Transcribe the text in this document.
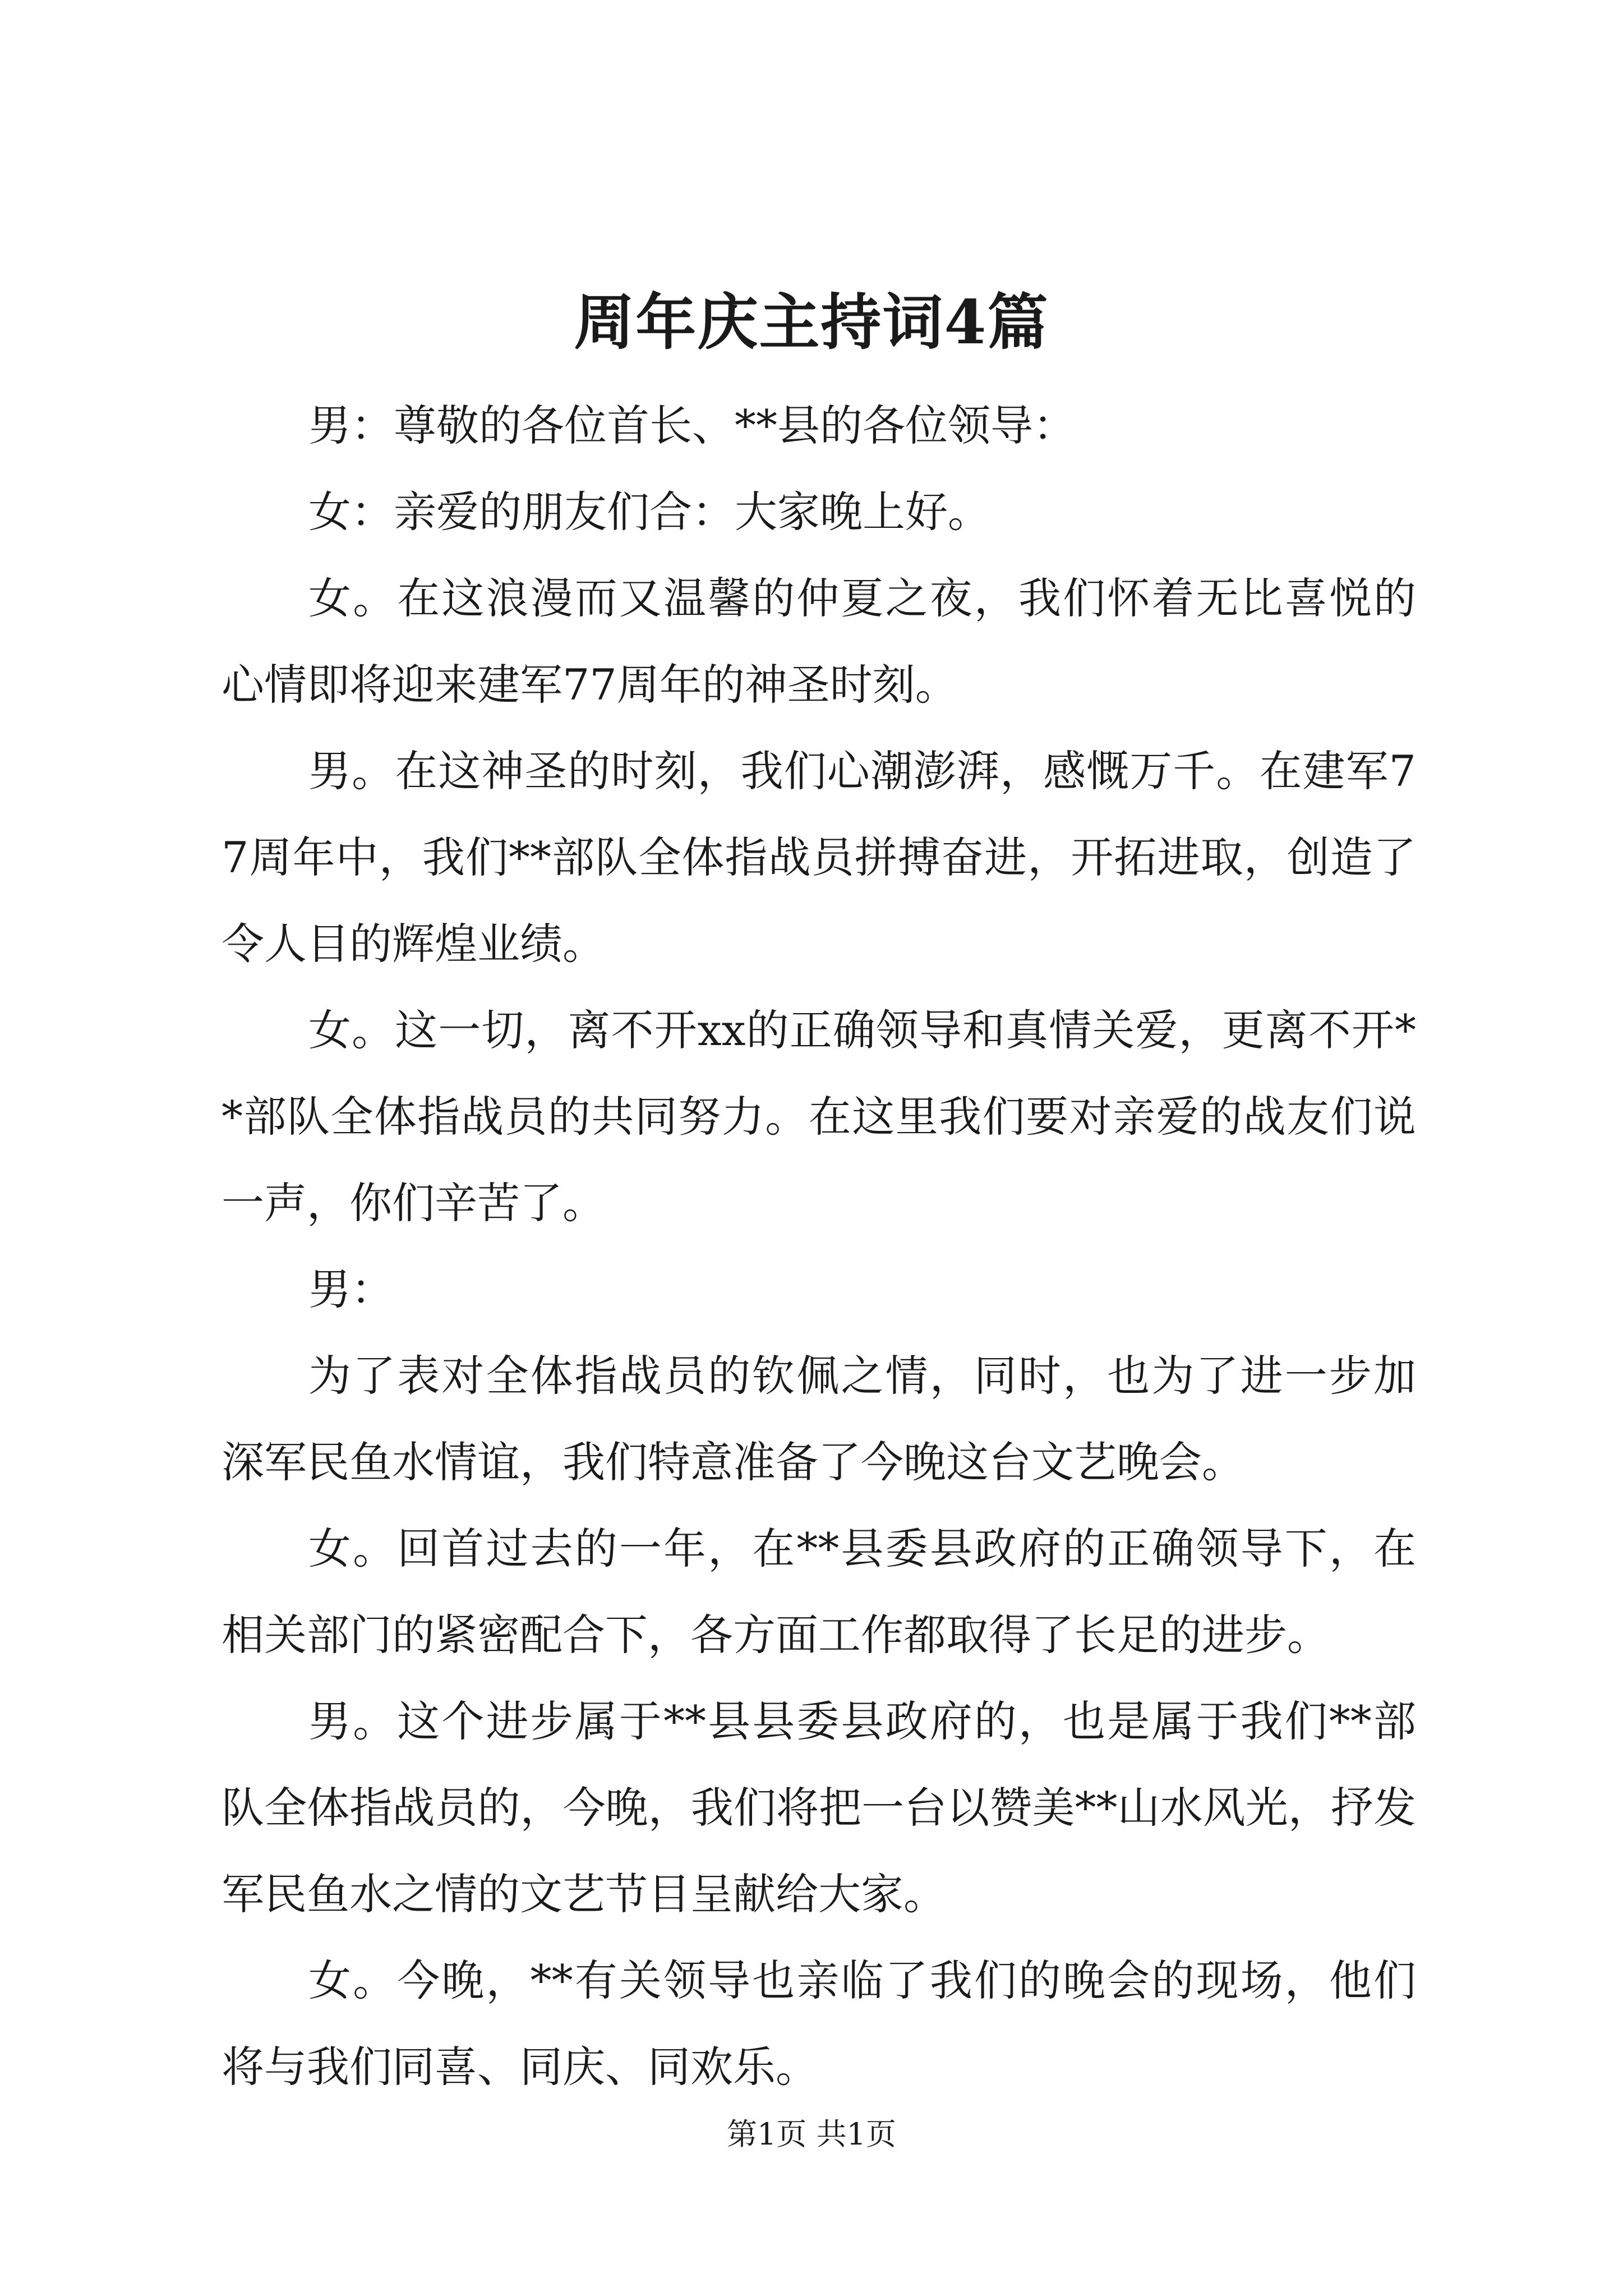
周年庆主持词4篇

男：尊敬的各位首长、**县的各位领导：

女：亲爱的朋友们合：大家晚上好。

女。在这浪漫而又温馨的仲夏之夜，我们怀着无比喜悦的心情即将迎来建军77周年的神圣时刻。

男。在这神圣的时刻，我们心潮澎湃，感慨万千。在建军77周年中，我们**部队全体指战员拼搏奋进，开拓进取，创造了令人目的辉煌业绩。

女。这一切，离不开xx的正确领导和真情关爱，更离不开**部队全体指战员的共同努力。在这里我们要对亲爱的战友们说一声，你们辛苦了。

男：

为了表对全体指战员的钦佩之情，同时，也为了进一步加深军民鱼水情谊，我们特意准备了今晚这台文艺晚会。

女。回首过去的一年，在**县委县政府的正确领导下，在相关部门的紧密配合下，各方面工作都取得了长足的进步。

男。这个进步属于**县县委县政府的，也是属于我们**部队全体指战员的，今晚，我们将把一台以赞美**山水风光，抒发军民鱼水之情的文艺节目呈献给大家。

女。今晚，**有关领导也亲临了我们的晚会的现场，他们将与我们同喜、同庆、同欢乐。

第1页 共1页
